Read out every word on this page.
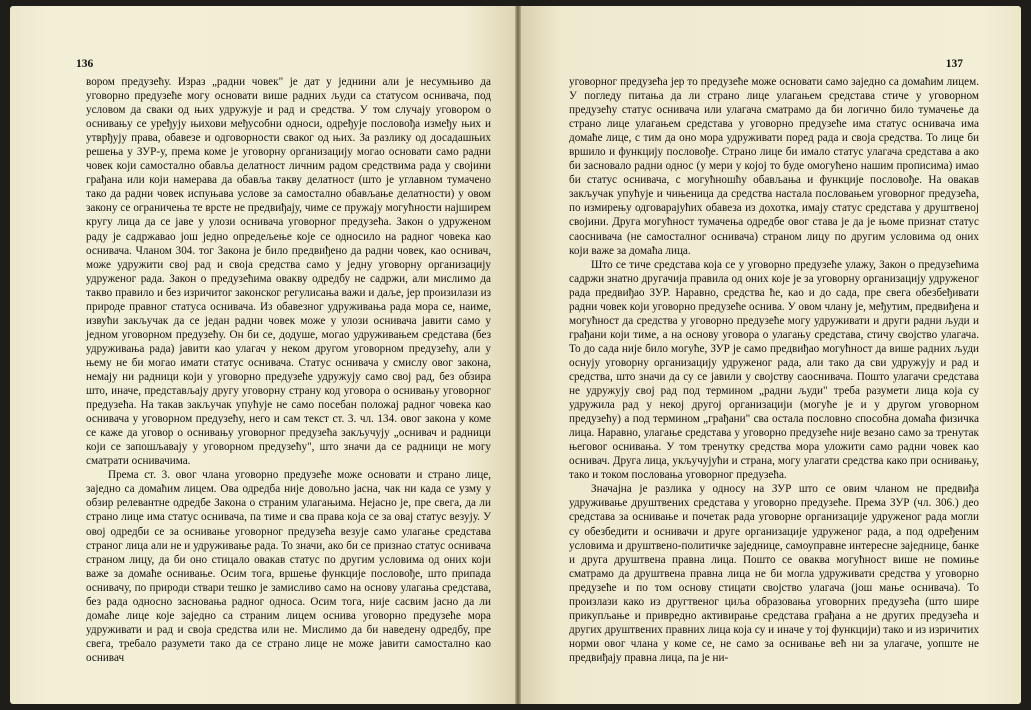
136

вором предузећу. Израз „радни човек" је дат у једнини али је несумњиво да уговорно предузеће могу основати више радних људи са статусом оснивача, под условом да сваки од њих удружује и рад и средства. У том случају уговором о оснивању се уређују њихови међусобни односи, одређује пословођа између њих и утврђују права, обавезе и одговорности сваког од њих. За разлику од досадашњих решења у ЗУР-у, према коме је уговорну организацију могао основати само радни човек који самостално обавља делатност личним радом средствима рада у својини грађана или који намерава да обавља такву делатност (што је углавном тумачено тако да радни човек испуњава услове за самостално обављање делатности) у овом закону се ограничења те врсте не предвиђају, чиме се пружају могућности најширем кругу лица да се јаве у улози оснивача уговорног предузећа. Закон о удруженом раду је садржавао још једно опредељење које се односило на радног човека као оснивача. Чланом 304. тог Закона је било предвиђено да радни човек, као оснивач, може удружити свој рад и своја средства само у једну уговорну организацију удруженог рада. Закон о предузећима овакву одредбу не садржи, али мислимо да такво правило и без изричитог законског регулисања важи и даље, јер произилази из природе правног статуса оснивача. Из обавезног удруживања рада мора се, наиме, извући закључак да се један радни човек може у улози оснивача јавити само у једном уговорном предузећу. Он би се, додуше, могао удруживањем средстава (без удруживања рада) јавити као улагач у неком другом уговорном предузећу, али у њему не би могао имати статус оснивача. Статус оснивача у смислу овог закона, немају ни радници који у уговорно предузеће удружују само свој рад, без обзира што, иначе, представљају другу уговорну страну код уговора о оснивању уговорног предузећа. На такав закључак упућује не само посебан положај радног човека као оснивача у уговорном предузећу, него и сам текст ст. 3. чл. 134. овог закона у коме се каже да уговор о оснивању уговорног предузећа закључују „оснивач и радници који се запошљавају у уговорном предузећу", што значи да се радници не могу сматрати оснивачима.

Према ст. 3. овог члана уговорно предузеће може основати и страно лице, заједно са домаћим лицем. Ова одредба није довољно јасна, чак ни када се узму у обзир релевантне одредбе Закона о страним улагањима. Нејасно је, пре свега, да ли страно лице има статус оснивача, па тиме и сва права која се за овај статус везују. У овој одредби се за оснивање уговорног предузећа везује само улагање средстава страног лица али не и удруживање рада. То значи, ако би се признао статус оснивача страном лицу, да би оно стицало овакав статус по другим условима од оних који важе за домаће оснивање. Осим тога, вршење функције пословође, што припада оснивачу, по природи ствари тешко је замисливо само на основу улагања средстава, без рада односно засновања радног односа. Осим тога, није сасвим јасно да ли домаће лице које заједно са страним лицем оснива уговорно предузеће мора удруживати и рад и своја средства или не. Мислимо да би наведену одредбу, пре свега, требало разумети тако да се страно лице не може јавити самостално као оснивач

137

уговорног предузећа јер то предузеће може основати само заједно са домаћим лицем. У погледу питања да ли страно лице улагањем средстава стиче у уговорном предузећу статус оснивача или улагача сматрамо да би логично било тумачење да страно лице улагањем средстава у уговорно предузеће има статус оснивача има домаће лице, с тим да оно мора удруживати поред рада и своја средства. То лице би вршило и функцију пословође. Страно лице би имало статус улагача средстава а ако би засновало радни однос (у мери у којој то буде омогућено нашим прописима) имао би статус оснивача, с могућношћу обављања и функције пословође. На овакав закључак упућује и чињеница да средства настала пословањем уговорног предузећа, по измирењу одговарајућих обавеза из дохотка, имају статус средстава у друштвеној својини. Друга могућност тумачења одредбе овог става је да је њоме признат статус саоснивача (не самосталног оснивача) страном лицу по другим условима од оних који важе за домаћа лица.

Што се тиче средстава која се у уговорно предузеће улажу, Закон о предузећима садржи знатно другачија правила од оних које је за уговорну организацију удруженог рада предвиђао ЗУР. Наравно, средства ће, као и до сада, пре свега обезбеђивати радни човек који уговорно предузеће оснива. У овом члану је, међутим, предвиђена и могућност да средства у уговорно предузеће могу удруживати и други радни људи и грађани који тиме, а на основу уговора о улагању средстава, стичу својство улагача. То до сада није било могуће, ЗУР је само предвиђао могућност да више радних људи оснују уговорну организацију удруженог рада, али тако да сви удружују и рад и средства, што значи да су се јавили у својству саоснивача. Пошто улагачи средстава не удружују свој рад под термином „радни људи" треба разумети лица која су удружила рад у некој другој организацији (могуће је и у другом уговорном предузећу) а под термином „грађани" сва остала пословно способна домаћа физичка лица. Наравно, улагање средстава у уговорно предузеће није везано само за тренутак његовог оснивања. У том тренутку средства мора уложити само радни човек као оснивач. Друга лица, укључујући и страна, могу улагати средства како при оснивању, тако и током пословања уговорног предузећа.

Значајна је разлика у односу на ЗУР што се овим чланом не предвиђа удруживање друштвених средстава у уговорно предузеће. Према ЗУР (чл. 306.) део средстава за оснивање и почетак рада уговорне организације удруженог рада могли су обезбедити и оснивачи и друге организације удруженог рада, а под одређеним условима и друштвено-политичке заједнице, самоуправне интересне заједнице, банке и друга друштвена правна лица. Пошто се оваква могућност више не помиње сматрамо да друштвена правна лица не би могла удруживати средства у уговорно предузеће и по том основу стицати својство улагача (још мање оснивача). То произлази како из другтвеног циља образовања уговорних предузећа (што шире прикупљање и привредно активирање средстава грађана а не других предузећа и других друштвених правних лица која су и иначе у тој функцији) тако и из изричитих норми овог члана у коме се, не само за оснивање већ ни за улагаче, уопште не предвиђају правна лица, па је ни-
